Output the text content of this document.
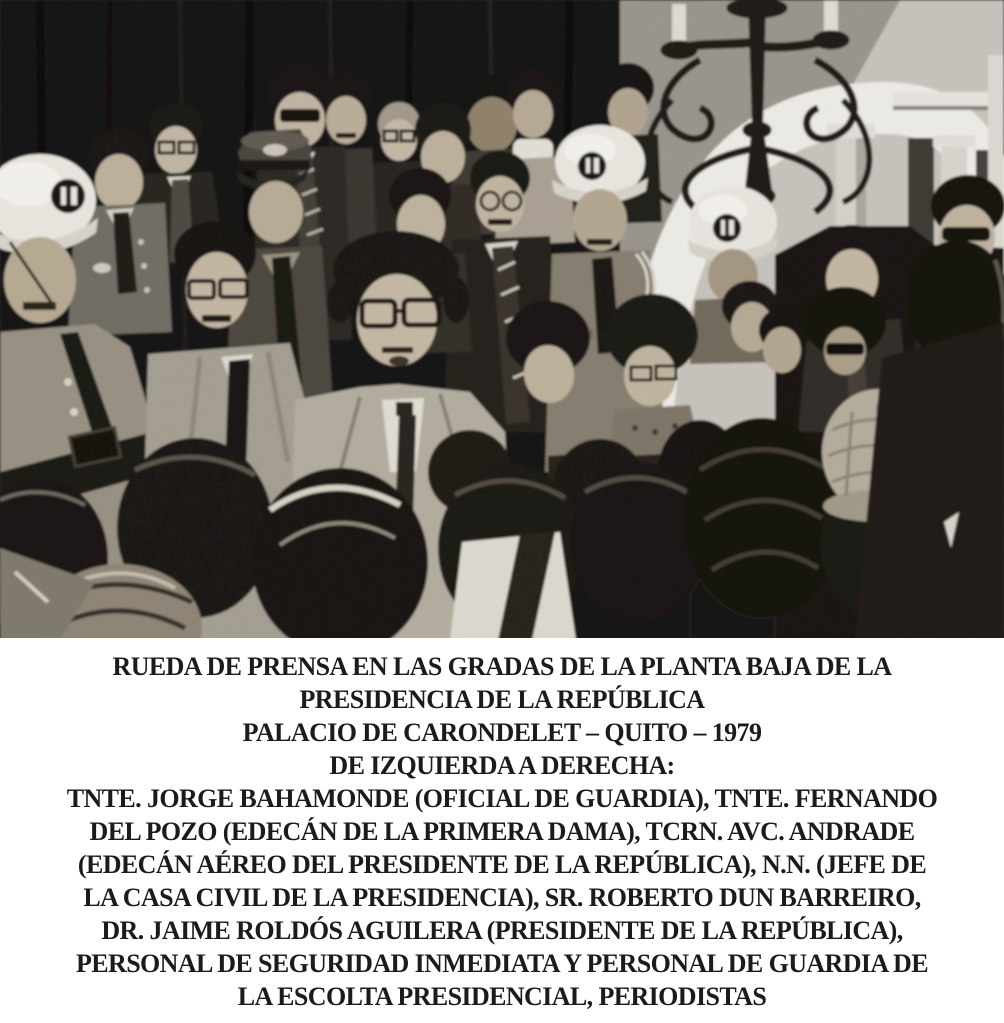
RUEDA DE PRENSA EN LAS GRADAS DE LA PLANTA BAJA DE LA
PRESIDENCIA DE LA REPÚBLICA
PALACIO DE CARONDELET – QUITO – 1979
DE IZQUIERDA A DERECHA:
TNTE. JORGE BAHAMONDE (OFICIAL DE GUARDIA), TNTE. FERNANDO
DEL POZO (EDECÁN DE LA PRIMERA DAMA), TCRN. AVC. ANDRADE
(EDECÁN AÉREO DEL PRESIDENTE DE LA REPÚBLICA), N.N. (JEFE DE
LA CASA CIVIL DE LA PRESIDENCIA), SR. ROBERTO DUN BARREIRO,
DR. JAIME ROLDÓS AGUILERA (PRESIDENTE DE LA REPÚBLICA),
PERSONAL DE SEGURIDAD INMEDIATA Y PERSONAL DE GUARDIA DE
LA ESCOLTA PRESIDENCIAL, PERIODISTAS
